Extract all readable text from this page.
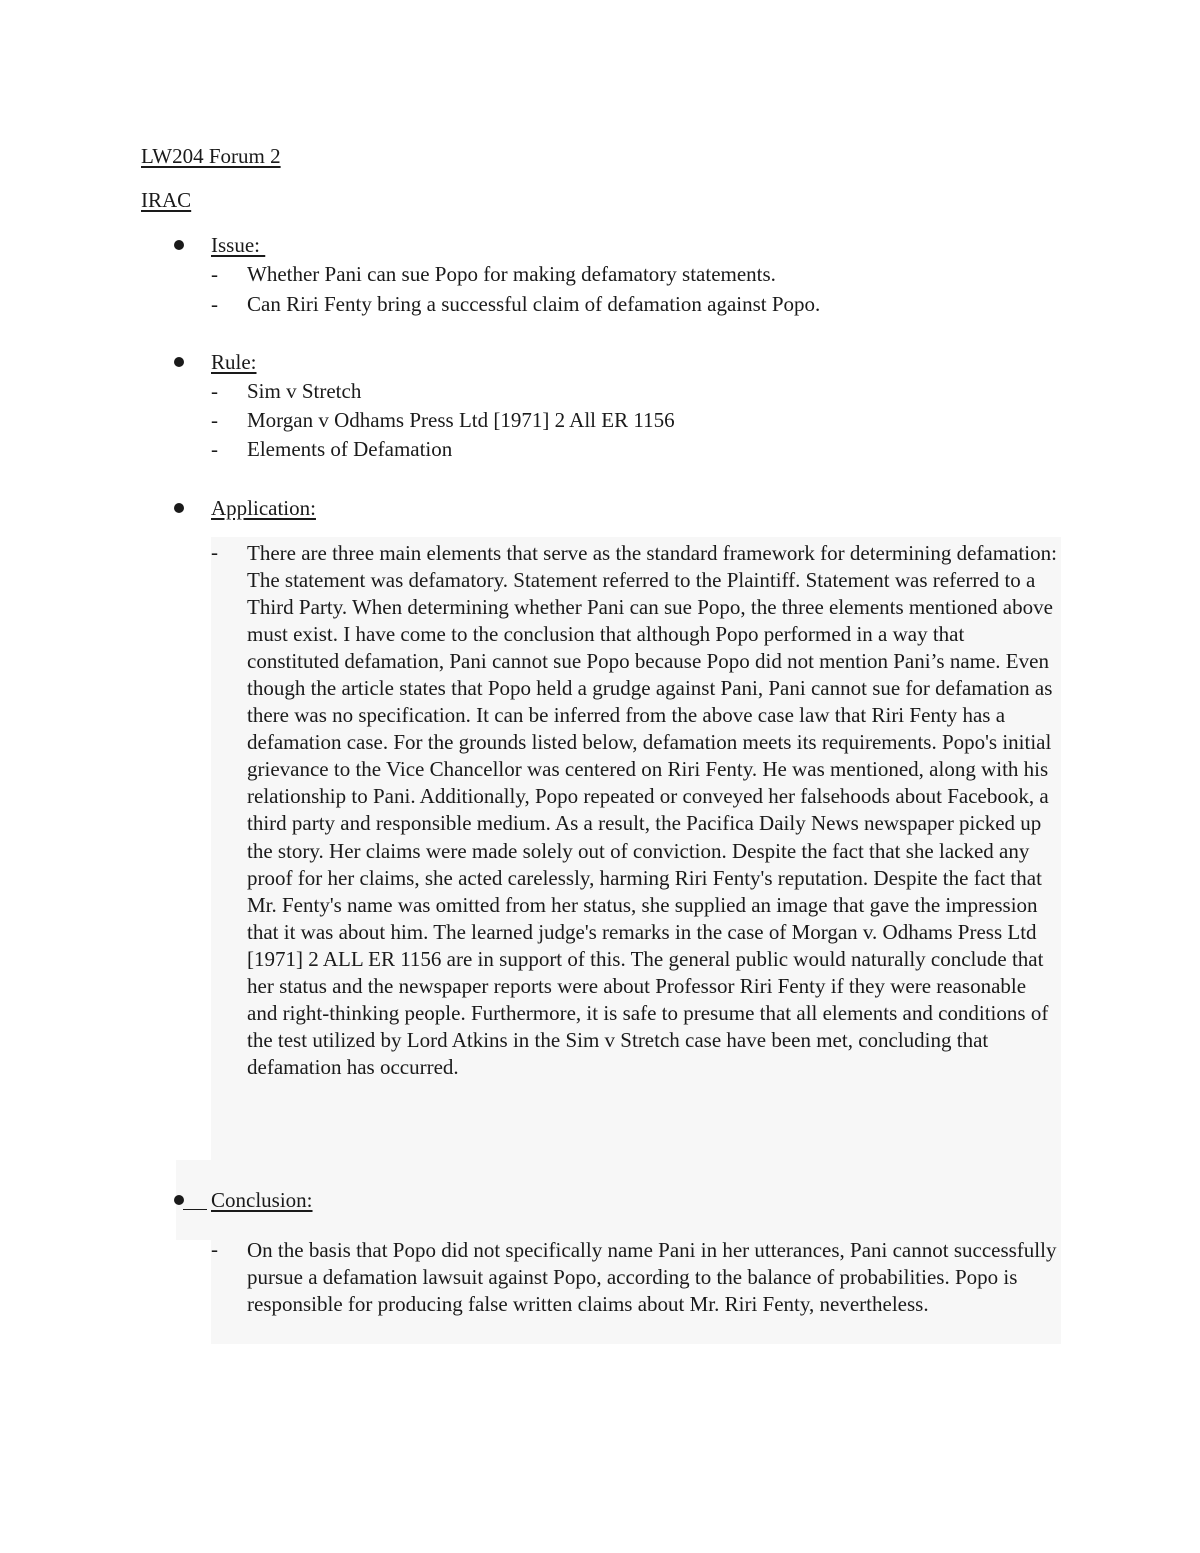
LW204 Forum 2
IRAC
Issue:
- Whether Pani can sue Popo for making defamatory statements.
- Can Riri Fenty bring a successful claim of defamation against Popo.
Rule:
- Sim v Stretch
- Morgan v Odhams Press Ltd [1971] 2 All ER 1156
- Elements of Defamation
Application:
- There are three main elements that serve as the standard framework for determining defamation: The statement was defamatory. Statement referred to the Plaintiff. Statement was referred to a Third Party. When determining whether Pani can sue Popo, the three elements mentioned above must exist. I have come to the conclusion that although Popo performed in a way that constituted defamation, Pani cannot sue Popo because Popo did not mention Pani’s name. Even though the article states that Popo held a grudge against Pani, Pani cannot sue for defamation as there was no specification. It can be inferred from the above case law that Riri Fenty has a defamation case. For the grounds listed below, defamation meets its requirements. Popo's initial grievance to the Vice Chancellor was centered on Riri Fenty. He was mentioned, along with his relationship to Pani. Additionally, Popo repeated or conveyed her falsehoods about Facebook, a third party and responsible medium. As a result, the Pacifica Daily News newspaper picked up the story. Her claims were made solely out of conviction. Despite the fact that she lacked any proof for her claims, she acted carelessly, harming Riri Fenty's reputation. Despite the fact that Mr. Fenty's name was omitted from her status, she supplied an image that gave the impression that it was about him. The learned judge's remarks in the case of Morgan v. Odhams Press Ltd [1971] 2 ALL ER 1156 are in support of this. The general public would naturally conclude that her status and the newspaper reports were about Professor Riri Fenty if they were reasonable and right-thinking people. Furthermore, it is safe to presume that all elements and conditions of the test utilized by Lord Atkins in the Sim v Stretch case have been met, concluding that defamation has occurred.
Conclusion:
- On the basis that Popo did not specifically name Pani in her utterances, Pani cannot successfully pursue a defamation lawsuit against Popo, according to the balance of probabilities. Popo is responsible for producing false written claims about Mr. Riri Fenty, nevertheless.
